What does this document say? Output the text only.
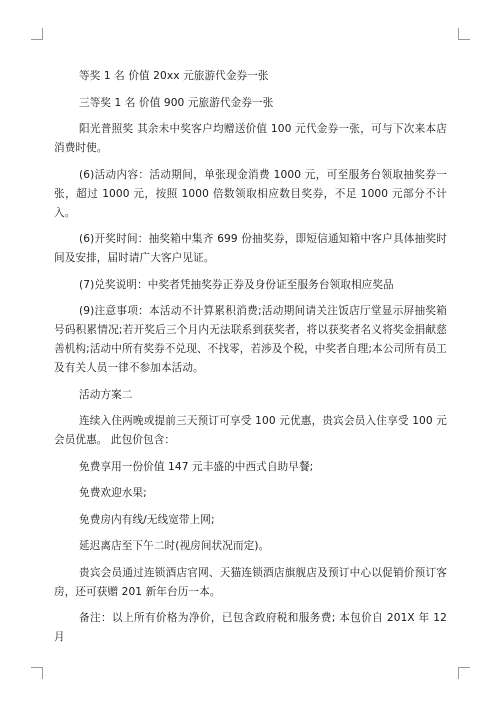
等奖 1 名 价值 20xx 元旅游代金券一张

三等奖 1 名 价值 900 元旅游代金券一张

阳光普照奖 其余未中奖客户均赠送价值 100 元代金券一张，可与下次来本店消费时使。

(6)活动内容：活动期间，单张现金消费 1000 元，可至服务台领取抽奖券一张，超过 1000 元，按照 1000 倍数领取相应数目奖券，不足 1000 元部分不计入。

(6)开奖时间：抽奖箱中集齐 699 份抽奖券，即短信通知箱中客户具体抽奖时间及安排，届时请广大客户见证。

(7)兑奖说明：中奖者凭抽奖券正券及身份证至服务台领取相应奖品

(9)注意事项：本活动不计算累积消费;活动期间请关注饭店厅堂显示屏抽奖箱号码积累情况;若开奖后三个月内无法联系到获奖者，将以获奖者名义将奖金捐献慈善机构;活动中所有奖券不兑现、不找零，若涉及个税，中奖者自理;本公司所有员工及有关人员一律不参加本活动。

活动方案二

连续入住两晚或提前三天预订可享受 100 元优惠，贵宾会员入住享受 100 元会员优惠。 此包价包含：

免费享用一份价值 147 元丰盛的中西式自助早餐;

免费欢迎水果;

免费房内有线/无线宽带上网;

延迟离店至下午二时(视房间状况而定)。

贵宾会员通过连锁酒店官网、天猫连锁酒店旗舰店及预订中心以促销价预订客房，还可获赠 201 新年台历一本。

备注：以上所有价格为净价，已包含政府税和服务费; 本包价自 201X 年 12 月
